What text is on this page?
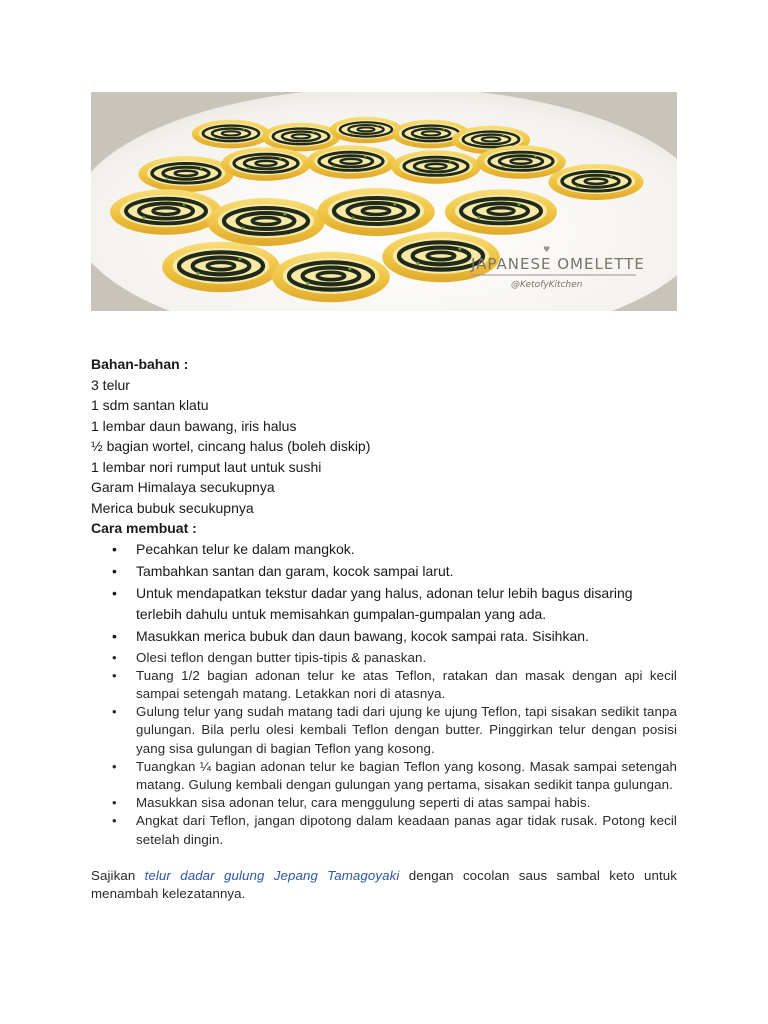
JAPANESE OMELETTE
@KetofyKitchen
♥
Bahan-bahan :
3 telur
1 sdm santan klatu
1 lembar daun bawang, iris halus
½ bagian wortel, cincang halus (boleh diskip)
1 lembar nori rumput laut untuk sushi
Garam Himalaya secukupnya
Merica bubuk secukupnya
Cara membuat :
• Pecahkan telur ke dalam mangkok.
• Tambahkan santan dan garam, kocok sampai larut.
• Untuk mendapatkan tekstur dadar yang halus, adonan telur lebih bagus disaring terlebih dahulu untuk memisahkan gumpalan-gumpalan yang ada.
• Masukkan merica bubuk dan daun bawang, kocok sampai rata. Sisihkan.
• Olesi teflon dengan butter tipis-tipis & panaskan.
• Tuang 1/2 bagian adonan telur ke atas Teflon, ratakan dan masak dengan api kecil sampai setengah matang. Letakkan nori di atasnya.
• Gulung telur yang sudah matang tadi dari ujung ke ujung Teflon, tapi sisakan sedikit tanpa gulungan. Bila perlu olesi kembali Teflon dengan butter. Pinggirkan telur dengan posisi yang sisa gulungan di bagian Teflon yang kosong.
• Tuangkan ¼ bagian adonan telur ke bagian Teflon yang kosong. Masak sampai setengah matang. Gulung kembali dengan gulungan yang pertama, sisakan sedikit tanpa gulungan.
• Masukkan sisa adonan telur, cara menggulung seperti di atas sampai habis.
• Angkat dari Teflon, jangan dipotong dalam keadaan panas agar tidak rusak. Potong kecil setelah dingin.
Sajikan telur dadar gulung Jepang Tamagoyaki dengan cocolan saus sambal keto untuk menambah kelezatannya.
